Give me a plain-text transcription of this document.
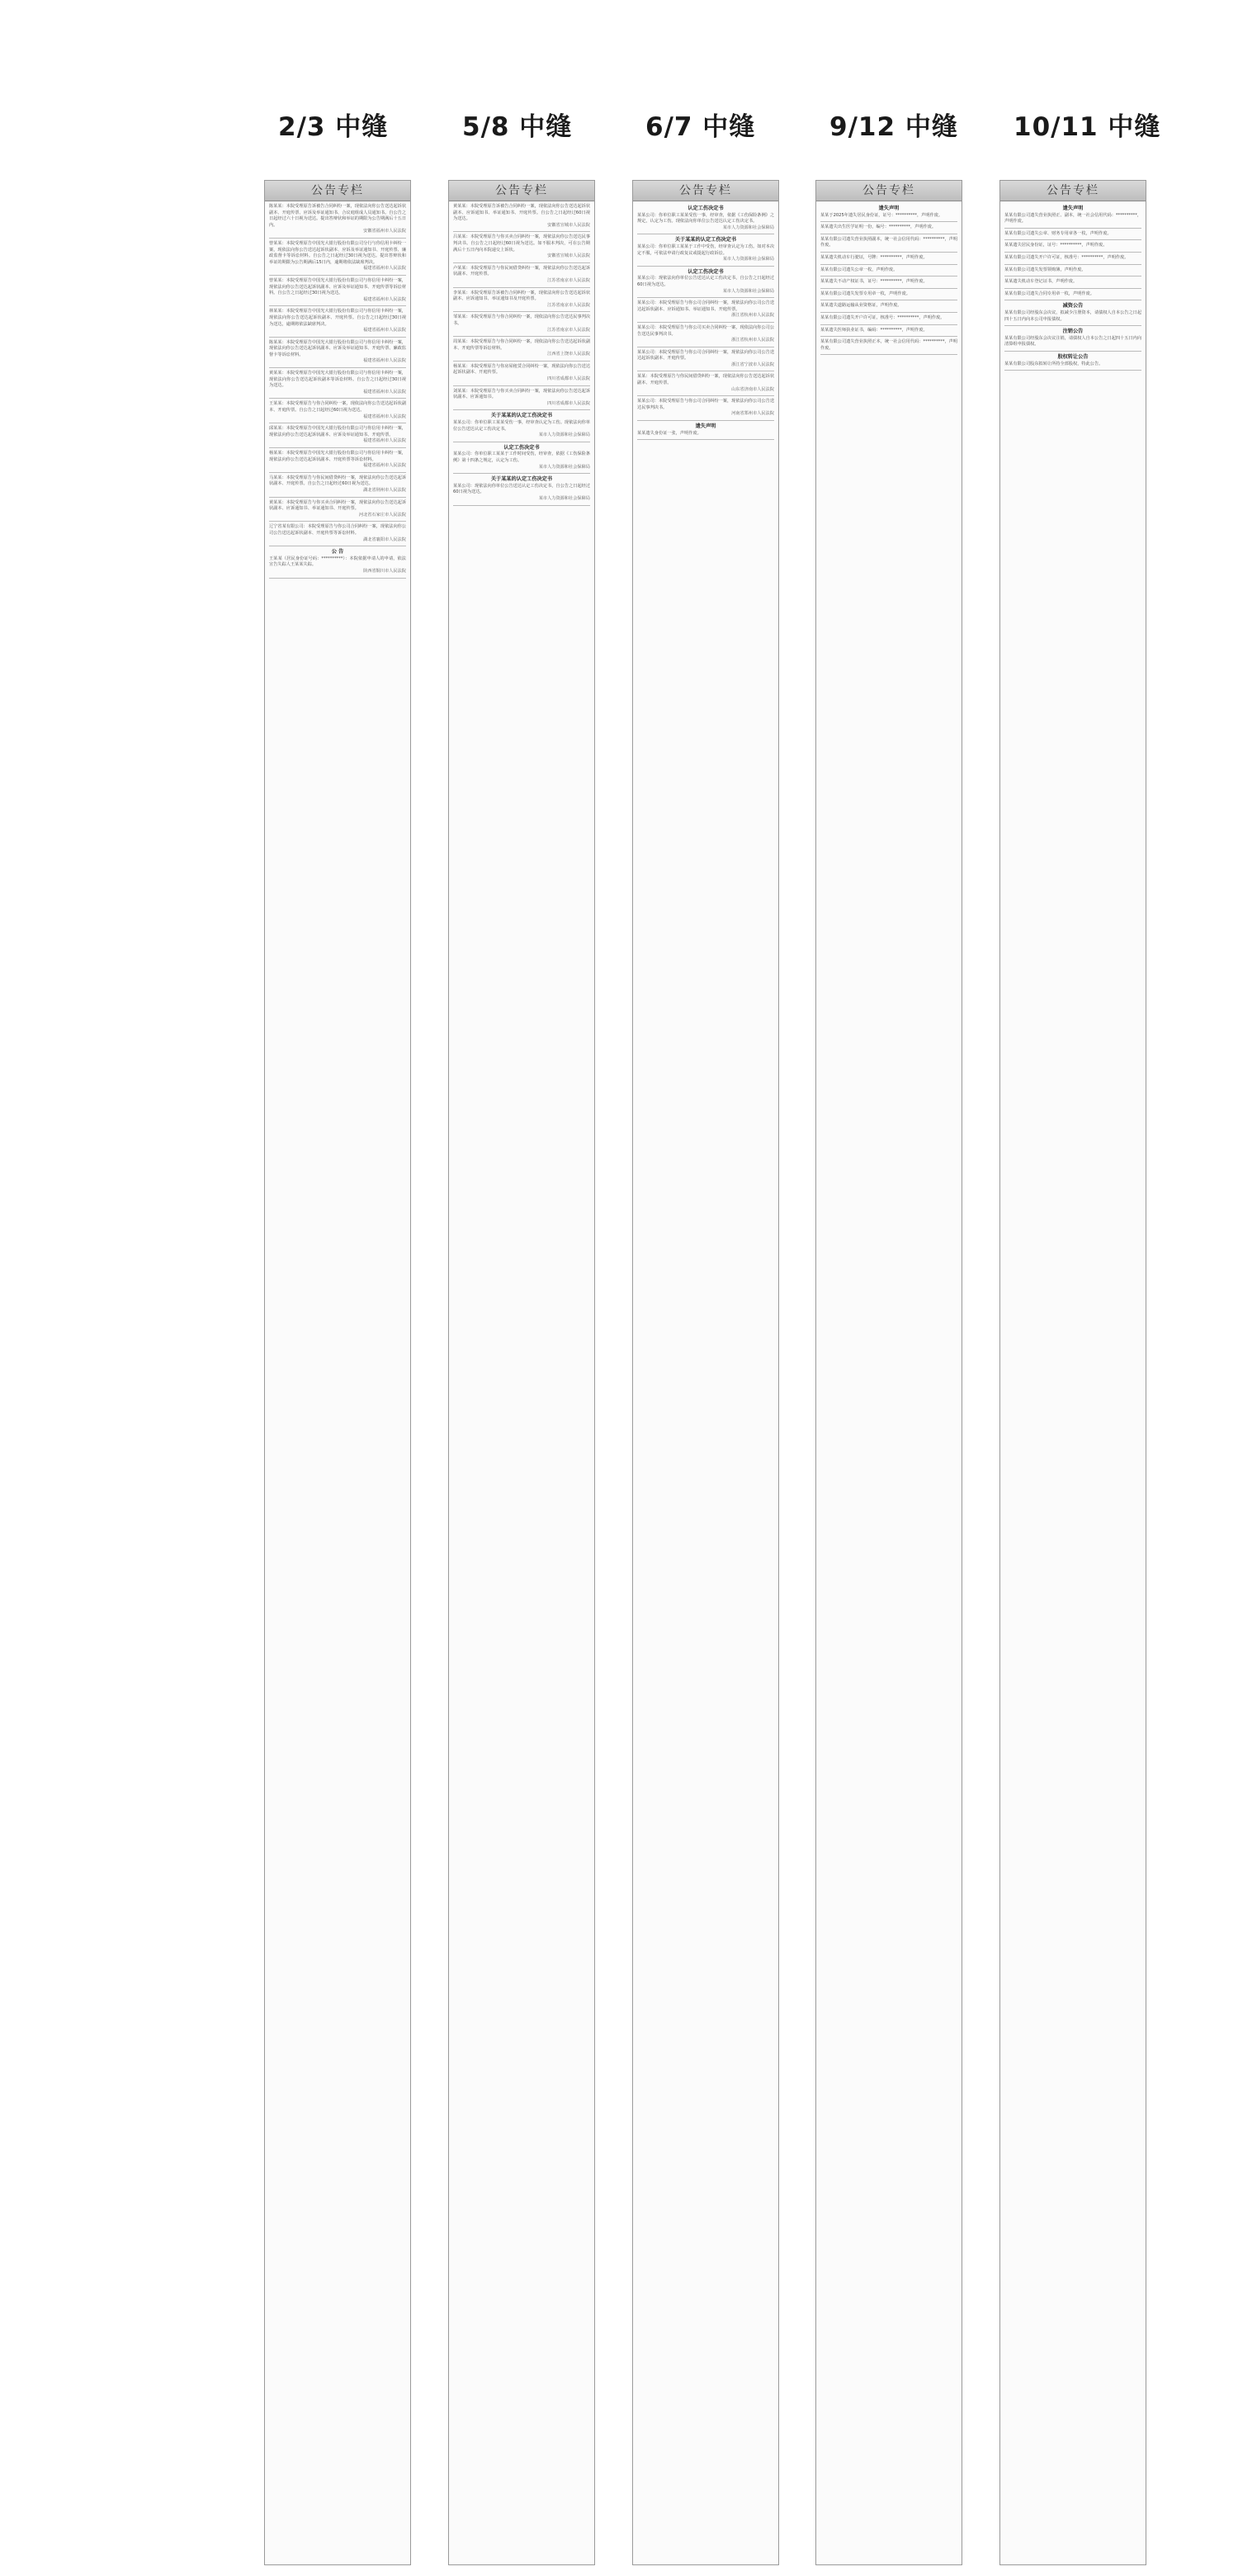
2/3 中缝	5/8 中缝	6/7 中缝	9/12 中缝 10/11 中缝
公告专栏
陈某某：本院受理原告诉被告合同纠纷一案，现依法向你公告送达起诉状副本、开庭传票、应诉及举证通知书、合议庭组成人员通知书。自公告之日起经过六十日视为送达。提出答辩状和举证的期限为公告期满后十五日内。
安徽省福州市人民法院
曾某某：本院受理原告中国光大银行股份有限公司分行与你信用卡纠纷一案，现依法向你公告送达起诉状副本、应诉及举证通知书、开庭传票、廉政监督卡等诉讼材料。自公告之日起经过30日视为送达。提出答辩状和举证的期限为公告期满后15日内，逾期将依法缺席判决。
福建省福州市人民法院
曾某某：本院受理原告中国光大银行股份有限公司与你信用卡纠纷一案，现依法向你公告送达起诉状副本、应诉及举证通知书、开庭传票等诉讼材料。自公告之日起经过30日视为送达。
福建省福州市人民法院
林某某：本院受理原告中国光大银行股份有限公司与你信用卡纠纷一案，现依法向你公告送达起诉状副本、开庭传票。自公告之日起经过30日视为送达，逾期将依法缺席判决。
福建省福州市人民法院
陈某某：本院受理原告中国光大银行股份有限公司与你信用卡纠纷一案，现依法向你公告送达起诉状副本、应诉及举证通知书、开庭传票、廉政监督卡等诉讼材料。
福建省福州市人民法院
黄某某：本院受理原告中国光大银行股份有限公司与你信用卡纠纷一案，现依法向你公告送达起诉状副本等诉讼材料。自公告之日起经过30日视为送达。
福建省福州市人民法院
王某某：本院受理原告与你合同纠纷一案，现依法向你公告送达起诉状副本、开庭传票。自公告之日起经过60日视为送达。
福建省福州市人民法院
邱某某：本院受理原告中国光大银行股份有限公司与你信用卡纠纷一案，现依法向你公告送达起诉状副本、应诉及举证通知书、开庭传票。
福建省福州市人民法院
杨某某：本院受理原告中国光大银行股份有限公司与你信用卡纠纷一案，现依法向你公告送达起诉状副本、开庭传票等诉讼材料。
福建省福州市人民法院
马某某：本院受理原告与你民间借贷纠纷一案，现依法向你公告送达起诉状副本、开庭传票。自公告之日起经过60日视为送达。
湖北省荆州市人民法院
黄某某：本院受理原告与你买卖合同纠纷一案，现依法向你公告送达起诉状副本、应诉通知书、举证通知书、开庭传票。
河北省石家庄市人民法院
辽宁省某有限公司：本院受理原告与你公司合同纠纷一案，现依法向你公司公告送达起诉状副本、开庭传票等诉讼材料。
湖北省襄阳市人民法院
公 告
王某某（居民身份证号码：**********）：本院依据申请人的申请，依法宣告失踪人王某某失踪。
陕西省铜川市人民法院
公告专栏
黄某某：本院受理原告诉被告合同纠纷一案，现依法向你公告送达起诉状副本、应诉通知书、举证通知书、开庭传票。自公告之日起经过60日视为送达。
安徽省宣城市人民法院
吕某某：本院受理原告与你买卖合同纠纷一案，现依法向你公告送达民事判决书。自公告之日起经过60日视为送达。如不服本判决，可在公告期满后十五日内向本院递交上诉状。
安徽省宣城市人民法院
卢某某：本院受理原告与你民间借贷纠纷一案，现依法向你公告送达起诉状副本、开庭传票。
江苏省南京市人民法院
李某某：本院受理原告诉被告合同纠纷一案，现依法向你公告送达起诉状副本、应诉通知书、举证通知书及开庭传票。
江苏省南京市人民法院
邹某某：本院受理原告与你合同纠纷一案，现依法向你公告送达民事判决书。
江苏省南京市人民法院
周某某：本院受理原告与你合同纠纷一案，现依法向你公告送达起诉状副本、开庭传票等诉讼材料。
江西省上饶市人民法院
杨某某：本院受理原告与你房屋租赁合同纠纷一案，现依法向你公告送达起诉状副本、开庭传票。
四川省成都市人民法院
刘某某：本院受理原告与你买卖合同纠纷一案，现依法向你公告送达起诉状副本、应诉通知书。
四川省成都市人民法院
关于某某的认定工伤决定书
某某公司：你单位职工某某受伤一事，经审查认定为工伤。现依法向你单位公告送达认定工伤决定书。
某市人力资源和社会保障局
认定工伤决定书
某某公司：你单位职工某某于工作时间受伤，经审查，依据《工伤保险条例》第十四条之规定，认定为工伤。
某市人力资源和社会保障局
关于某某的认定工伤决定书
某某公司：现依法向你单位公告送达认定工伤决定书，自公告之日起经过60日视为送达。
某市人力资源和社会保障局
公告专栏
认定工伤决定书
某某公司：你单位职工某某受伤一事，经审查，依据《工伤保险条例》之规定，认定为工伤。现依法向你单位公告送达认定工伤决定书。
某市人力资源和社会保障局
关于某某的认定工伤决定书
某某公司：你单位职工某某于工作中受伤，经审查认定为工伤。如对本决定不服，可依法申请行政复议或提起行政诉讼。
某市人力资源和社会保障局
认定工伤决定书
某某公司：现依法向你单位公告送达认定工伤决定书，自公告之日起经过60日视为送达。
某市人力资源和社会保障局
某某公司：本院受理原告与你公司合同纠纷一案，现依法向你公司公告送达起诉状副本、应诉通知书、举证通知书、开庭传票。
浙江省杭州市人民法院
某某公司：本院受理原告与你公司买卖合同纠纷一案，现依法向你公司公告送达民事判决书。
浙江省杭州市人民法院
某某公司：本院受理原告与你公司合同纠纷一案，现依法向你公司公告送达起诉状副本、开庭传票。
浙江省宁波市人民法院
某某：本院受理原告与你民间借贷纠纷一案，现依法向你公告送达起诉状副本、开庭传票。
山东省济南市人民法院
某某公司：本院受理原告与你公司合同纠纷一案，现依法向你公司公告送达民事判决书。
河南省郑州市人民法院
遗失声明
某某遗失身份证一张，声明作废。
公告专栏
遗失声明
某某于2025年遗失居民身份证，证号：**********，声明作废。
某某遗失出生医学证明一份，编号：**********，声明作废。
某某有限公司遗失营业执照副本，统一社会信用代码：**********，声明作废。
某某遗失机动车行驶证，号牌：**********，声明作废。
某某有限公司遗失公章一枚，声明作废。
某某遗失不动产权证书，证号：**********，声明作废。
某某有限公司遗失发票专用章一枚，声明作废。
某某遗失道路运输从业资格证，声明作废。
某某有限公司遗失开户许可证，核准号：**********，声明作废。
某某遗失医师执业证书，编码：**********，声明作废。
某某有限公司遗失营业执照正本，统一社会信用代码：**********，声明作废。
公告专栏
遗失声明
某某有限公司遗失营业执照正、副本，统一社会信用代码：**********，声明作废。
某某有限公司遗失公章、财务专用章各一枚，声明作废。
某某遗失居民身份证，证号：**********，声明作废。
某某有限公司遗失开户许可证，核准号：**********，声明作废。
某某有限公司遗失发票领购簿，声明作废。
某某遗失机动车登记证书，声明作废。
某某有限公司遗失合同专用章一枚，声明作废。
减资公告
某某有限公司经股东会决议，拟减少注册资本，请债权人自本公告之日起四十五日内向本公司申报债权。
注销公告
某某有限公司经股东会决议注销，请债权人自本公告之日起四十五日内向清算组申报债权。
股权转让公告
某某有限公司股东拟转让所持全部股权，特此公告。
